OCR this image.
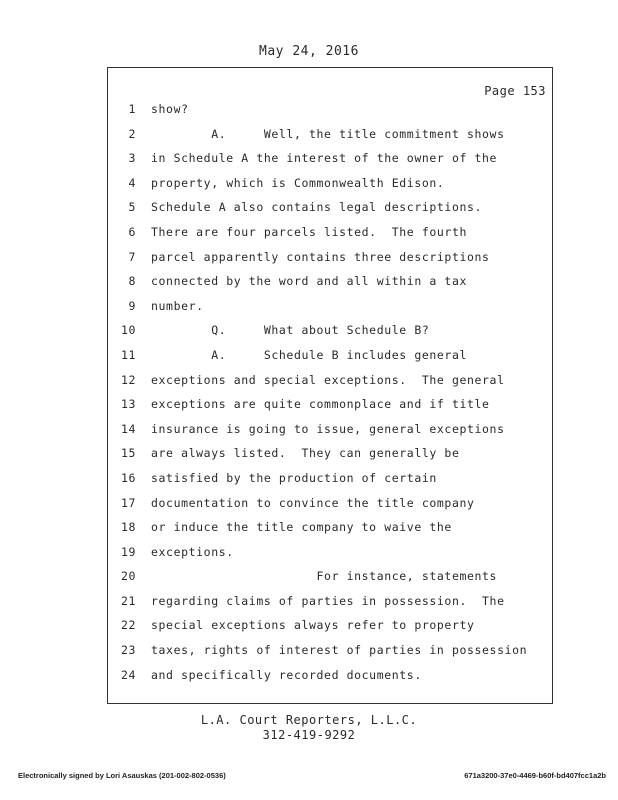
May 24, 2016
Page 153
1 show?
2 A.     Well, the title commitment shows
3 in Schedule A the interest of the owner of the
4 property, which is Commonwealth Edison.
5 Schedule A also contains legal descriptions.
6 There are four parcels listed.  The fourth
7 parcel apparently contains three descriptions
8 connected by the word and all within a tax
9 number.
10 Q.     What about Schedule B?
11 A.     Schedule B includes general
12 exceptions and special exceptions.  The general
13 exceptions are quite commonplace and if title
14 insurance is going to issue, general exceptions
15 are always listed.  They can generally be
16 satisfied by the production of certain
17 documentation to convince the title company
18 or induce the title company to waive the
19 exceptions.
20 For instance, statements
21 regarding claims of parties in possession.  The
22 special exceptions always refer to property
23 taxes, rights of interest of parties in possession
24 and specifically recorded documents.
L.A. Court Reporters, L.L.C.
312-419-9292
Electronically signed by Lori Asauskas (201-002-802-0536)	671a3200-37e0-4469-b60f-bd407fcc1a2b
